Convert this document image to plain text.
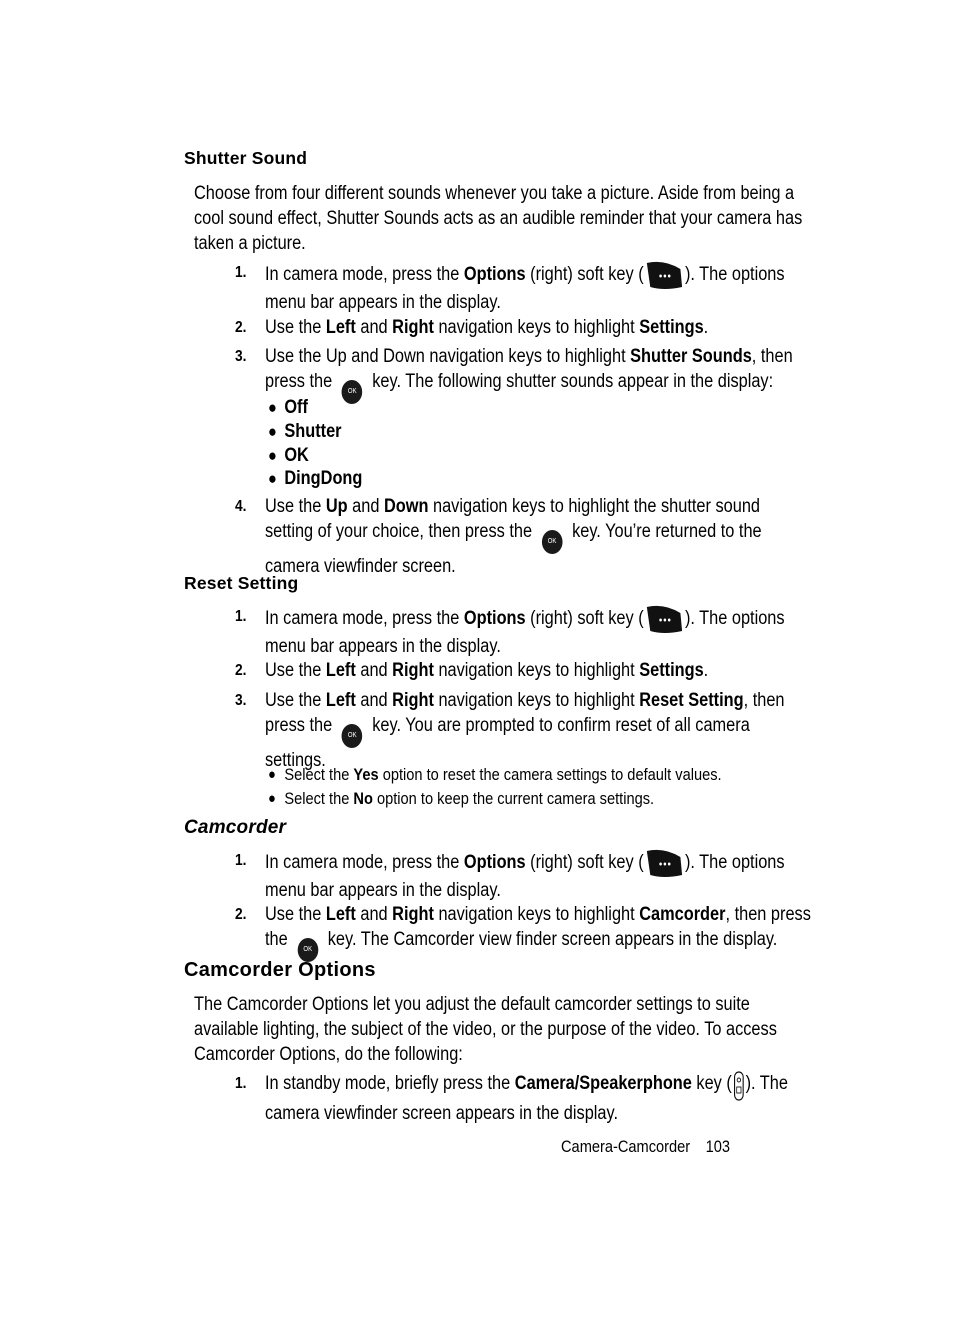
Shutter Sound
Choose from four different sounds whenever you take a picture. Aside from being a
cool sound effect, Shutter Sounds acts as an audible reminder that your camera has
taken a picture.
1. In camera mode, press the Options (right) soft key ( ). The options
menu bar appears in the display.
2. Use the Left and Right navigation keys to highlight Settings.
3. Use the Up and Down navigation keys to highlight Shutter Sounds, then
press the OK key. The following shutter sounds appear in the display:
● Off
● Shutter
● OK
● DingDong
4. Use the Up and Down navigation keys to highlight the shutter sound
setting of your choice, then press the OK key. You’re returned to the
camera viewfinder screen.
Reset Setting
1. In camera mode, press the Options (right) soft key ( ). The options
menu bar appears in the display.
2. Use the Left and Right navigation keys to highlight Settings.
3. Use the Left and Right navigation keys to highlight Reset Setting, then
press the OK key. You are prompted to confirm reset of all camera
settings.
● Select the Yes option to reset the camera settings to default values.
● Select the No option to keep the current camera settings.
Camcorder
1. In camera mode, press the Options (right) soft key ( ). The options
menu bar appears in the display.
2. Use the Left and Right navigation keys to highlight Camcorder, then press
the OK key. The Camcorder view finder screen appears in the display.
Camcorder Options
The Camcorder Options let you adjust the default camcorder settings to suite
available lighting, the subject of the video, or the purpose of the video. To access
Camcorder Options, do the following:
1. In standby mode, briefly press the Camera/Speakerphone key ( ). The
camera viewfinder screen appears in the display.
Camera-Camcorder 103
